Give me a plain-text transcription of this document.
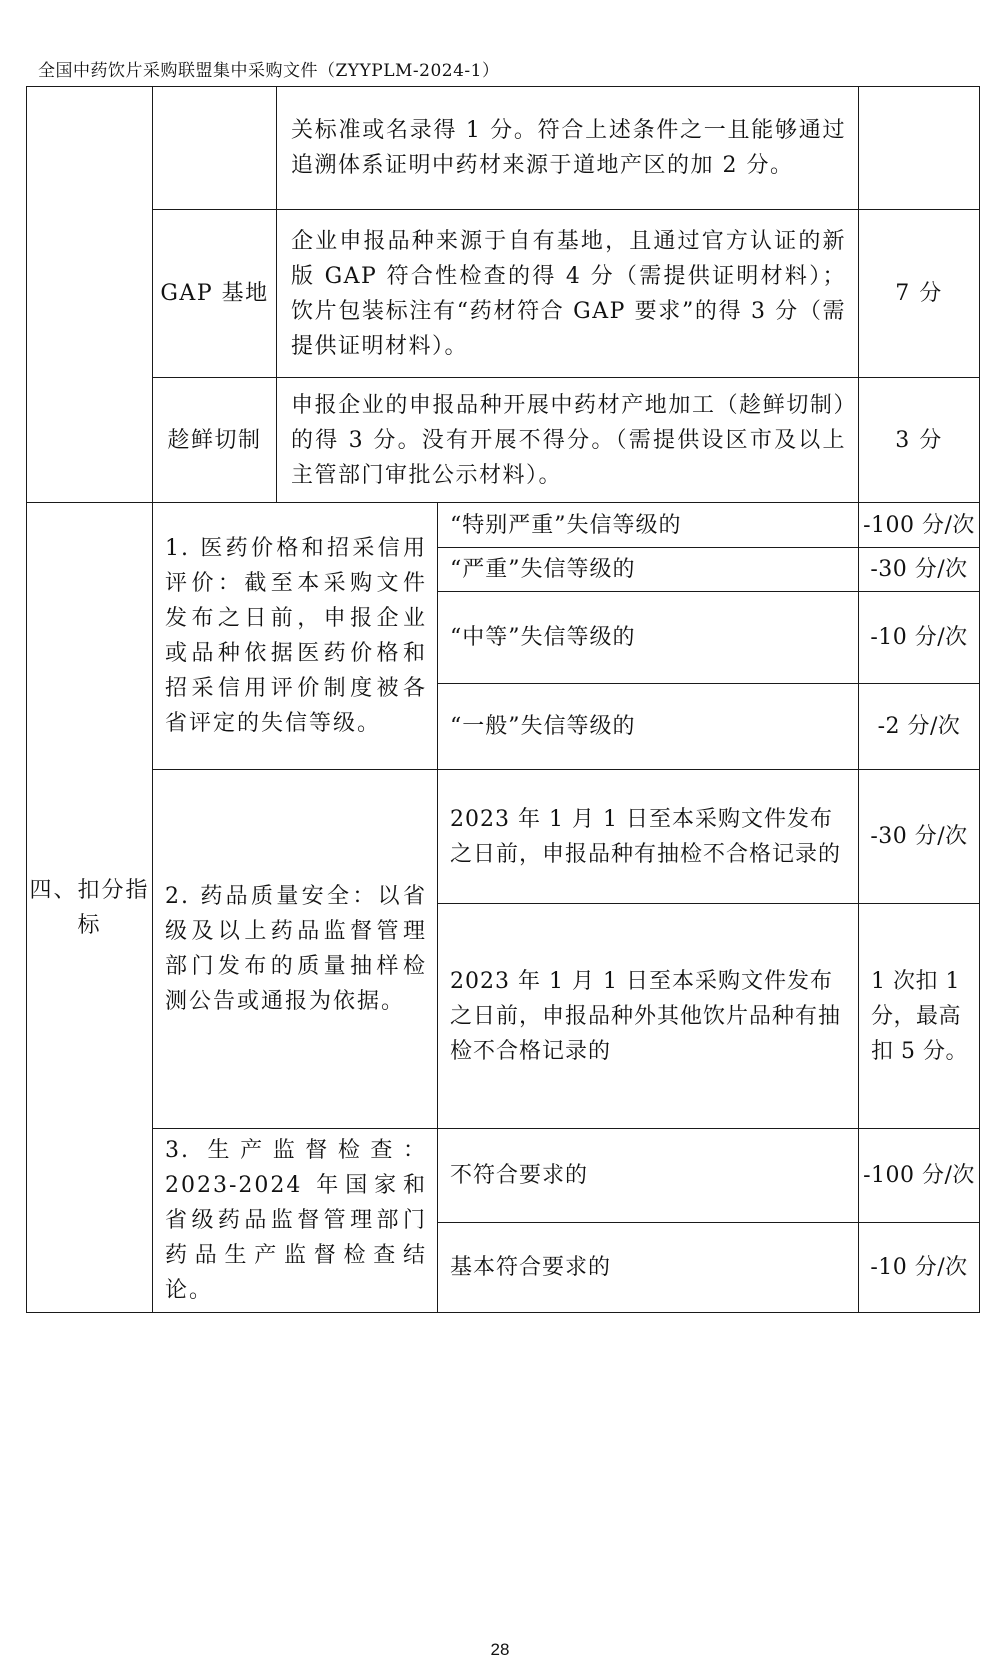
全国中药饮片采购联盟集中采购文件（ZYYPLM-2024-1）
		关标准或名录得 1 分。符合上述条件之一且能够通过追溯体系证明中药材来源于道地产区的加 2 分。		
	GAP 基地	企业申报品种来源于自有基地，且通过官方认证的新版 GAP 符合性检查的得 4 分（需提供证明材料）；饮片包装标注有“药材符合 GAP 要求”的得 3 分（需提供证明材料）。		7 分
	趁鲜切制	申报企业的申报品种开展中药材产地加工（趁鲜切制）的得 3 分。没有开展不得分。（需提供设区市及以上主管部门审批公示材料）。		3 分
四、扣分指标	1. 医药价格和招采信用评价：截至本采购文件发布之日前，申报企业或品种依据医药价格和招采信用评价制度被各省评定的失信等级。		“特别严重”失信等级的	-100 分/次
			“严重”失信等级的	-30 分/次
			“中等”失信等级的	-10 分/次
			“一般”失信等级的	-2 分/次
	2. 药品质量安全：以省级及以上药品监督管理部门发布的质量抽样检测公告或通报为依据。		2023 年 1 月 1 日至本采购文件发布之日前，申报品种有抽检不合格记录的	-30 分/次
			2023 年 1 月 1 日至本采购文件发布之日前，申报品种外其他饮片品种有抽检不合格记录的	1 次扣 1 分，最高扣 5 分。
	3. 生产监督检查：2023-2024 年国家和省级药品监督管理部门药品生产监督检查结论。		不符合要求的	-100 分/次
			基本符合要求的	-10 分/次
28
